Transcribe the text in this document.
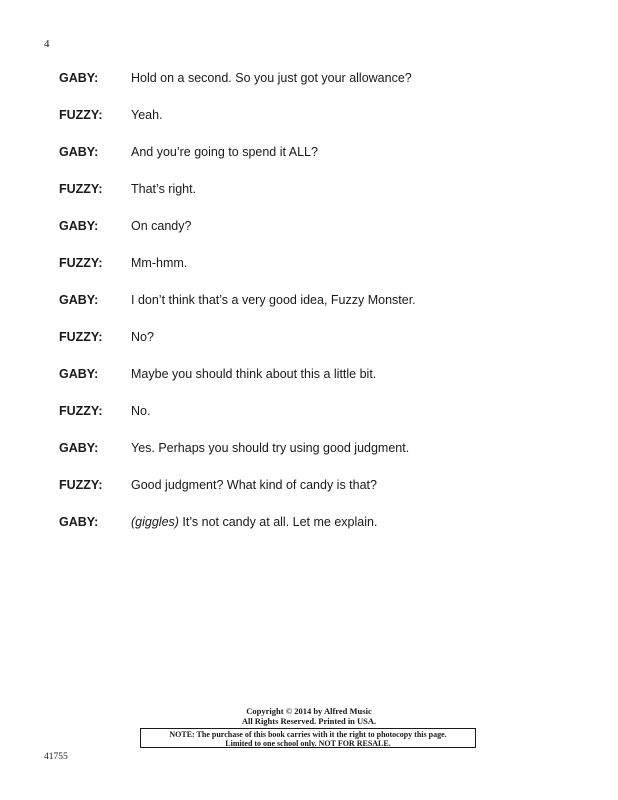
4
GABY:	Hold on a second. So you just got your allowance?
FUZZY:	Yeah.
GABY:	And you’re going to spend it ALL?
FUZZY:	That’s right.
GABY:	On candy?
FUZZY:	Mm-hmm.
GABY:	I don’t think that’s a very good idea, Fuzzy Monster.
FUZZY:	No?
GABY:	Maybe you should think about this a little bit.
FUZZY:	No.
GABY:	Yes. Perhaps you should try using good judgment.
FUZZY:	Good judgment? What kind of candy is that?
GABY:	(giggles) It’s not candy at all. Let me explain.
Copyright © 2014 by Alfred Music
All Rights Reserved. Printed in USA.
NOTE: The purchase of this book carries with it the right to photocopy this page.
Limited to one school only. NOT FOR RESALE.
41755
